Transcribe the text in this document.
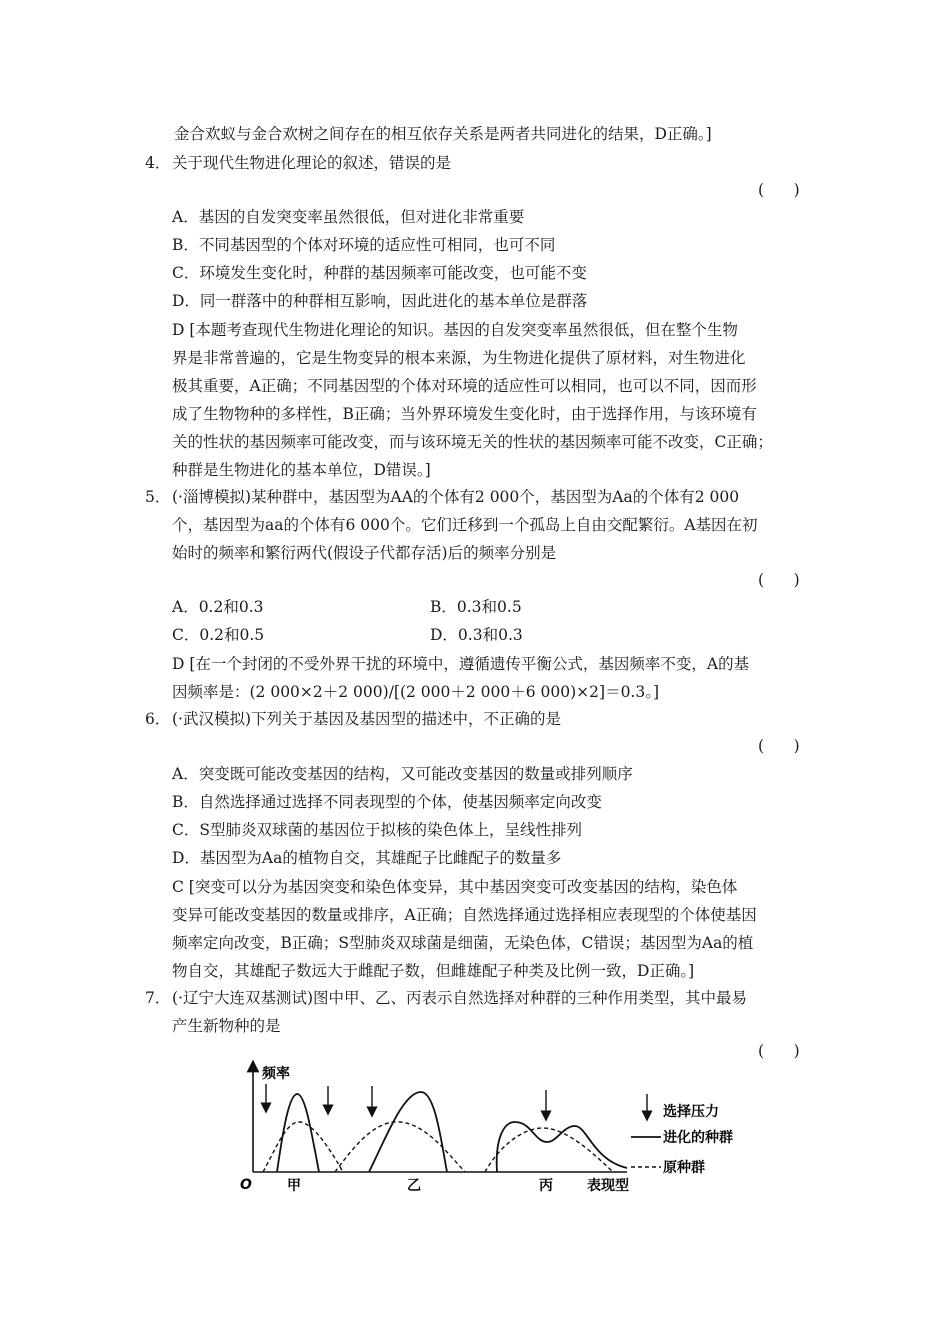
金合欢蚁与金合欢树之间存在的相互依存关系是两者共同进化的结果，D正确。]
4． 关于现代生物进化理论的叙述，错误的是
(      )
A．基因的自发突变率虽然很低，但对进化非常重要
B．不同基因型的个体对环境的适应性可相同，也可不同
C．环境发生变化时，种群的基因频率可能改变，也可能不变
D．同一群落中的种群相互影响，因此进化的基本单位是群落
D [本题考查现代生物进化理论的知识。基因的自发突变率虽然很低，但在整个生物
界是非常普遍的，它是生物变异的根本来源，为生物进化提供了原材料，对生物进化
极其重要，A正确；不同基因型的个体对环境的适应性可以相同，也可以不同，因而形
成了生物物种的多样性，B正确；当外界环境发生变化时，由于选择作用，与该环境有
关的性状的基因频率可能改变，而与该环境无关的性状的基因频率可能不改变，C正确；
种群是生物进化的基本单位，D错误。]
5． (·淄博模拟)某种群中，基因型为AA的个体有2 000个，基因型为Aa的个体有2 000
个，基因型为aa的个体有6 000个。它们迁移到一个孤岛上自由交配繁衍。A基因在初
始时的频率和繁衍两代(假设子代都存活)后的频率分别是
(      )
A．0.2和0.3	B．0.3和0.5
C．0.2和0.5	D．0.3和0.3
D [在一个封闭的不受外界干扰的环境中，遵循遗传平衡公式，基因频率不变，A的基
因频率是：(2 000×2＋2 000)/[(2 000＋2 000＋6 000)×2]＝0.3。]
6． (·武汉模拟)下列关于基因及基因型的描述中，不正确的是
(      )
A．突变既可能改变基因的结构，又可能改变基因的数量或排列顺序
B．自然选择通过选择不同表现型的个体，使基因频率定向改变
C．S型肺炎双球菌的基因位于拟核的染色体上，呈线性排列
D．基因型为Aa的植物自交，其雄配子比雌配子的数量多
C [突变可以分为基因突变和染色体变异，其中基因突变可改变基因的结构，染色体
变异可能改变基因的数量或排序，A正确；自然选择通过选择相应表现型的个体使基因
频率定向改变，B正确；S型肺炎双球菌是细菌，无染色体，C错误；基因型为Aa的植
物自交，其雄配子数远大于雌配子数，但雌雄配子种类及比例一致，D正确。]
7． (·辽宁大连双基测试)图中甲、乙、丙表示自然选择对种群的三种作用类型，其中最易
产生新物种的是
(      )
频率
O	甲	乙	丙 表现型
选择压力
进化的种群
原种群
